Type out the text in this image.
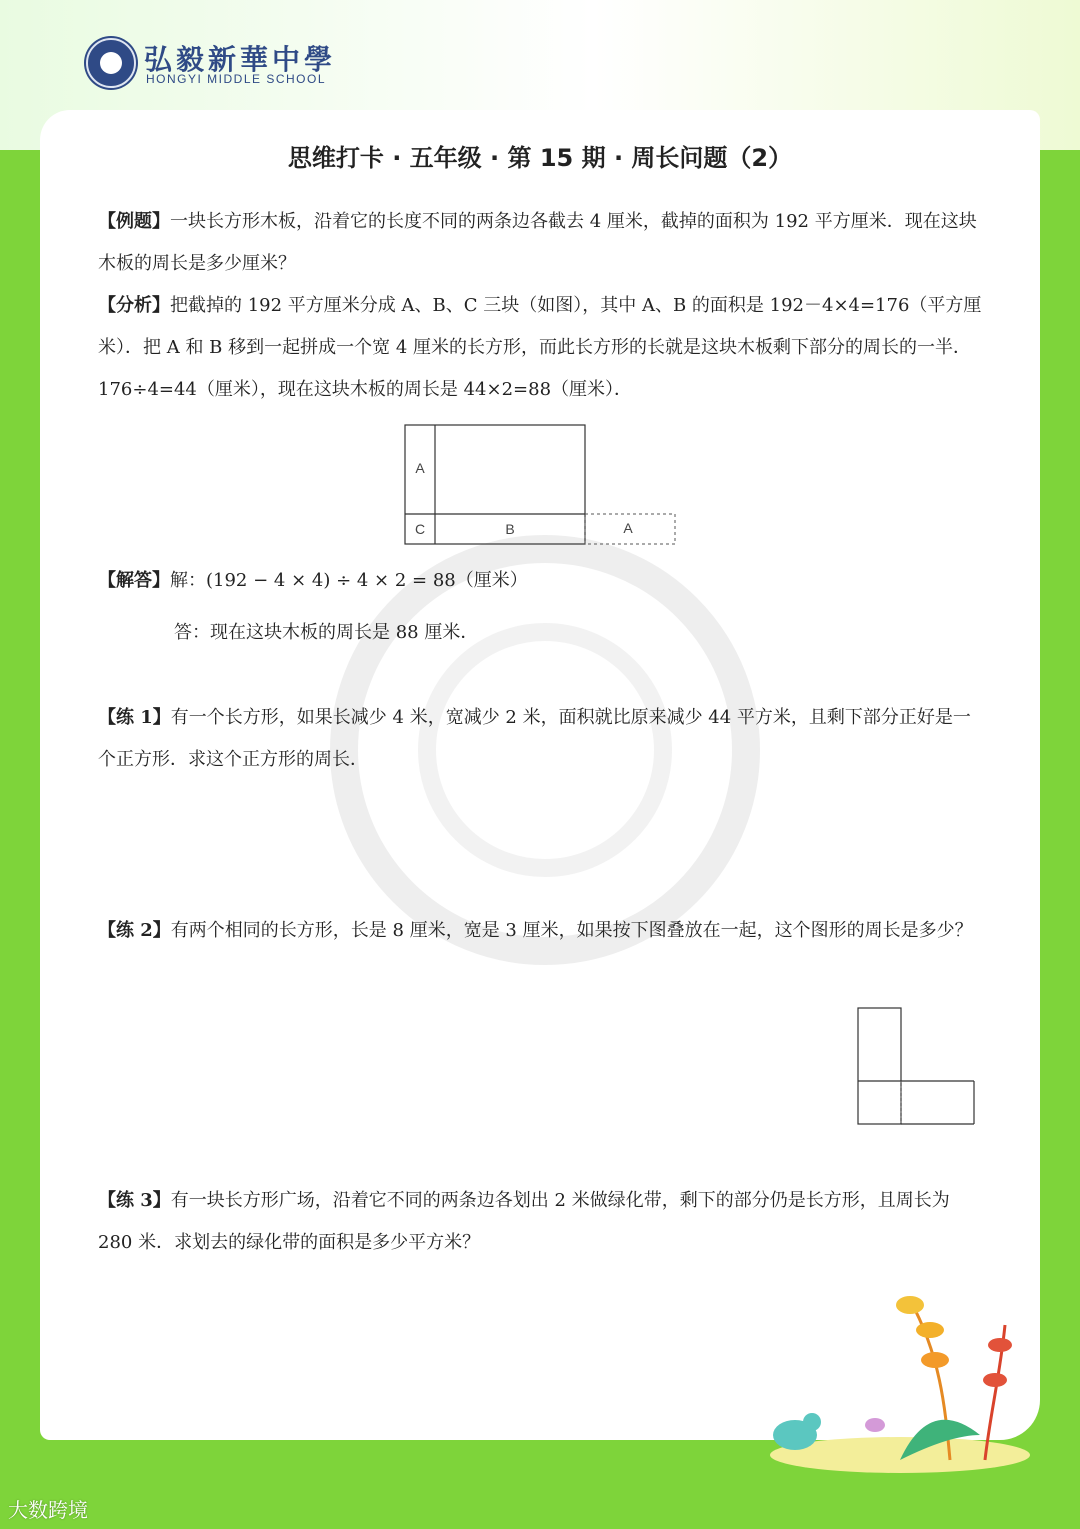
弘毅新華中學
HONGYI MIDDLE SCHOOL
思维打卡 · 五年级 · 第 15 期 · 周长问题（2）
【例题】一块长方形木板，沿着它的长度不同的两条边各截去 4 厘米，截掉的面积为 192 平方厘米．现在这块木板的周长是多少厘米？
【分析】把截掉的 192 平方厘米分成 A、B、C 三块（如图），其中 A、B 的面积是 192－4×4=176（平方厘米）．把 A 和 B 移到一起拼成一个宽 4 厘米的长方形，而此长方形的长就是这块木板剩下部分的周长的一半．176÷4=44（厘米），现在这块木板的周长是 44×2=88（厘米）．
A
C	B	A
【解答】解：(192 − 4 × 4) ÷ 4 × 2 = 88（厘米）
答：现在这块木板的周长是 88 厘米．
【练 1】有一个长方形，如果长减少 4 米，宽减少 2 米，面积就比原来减少 44 平方米，且剩下部分正好是一个正方形．求这个正方形的周长．
【练 2】有两个相同的长方形，长是 8 厘米，宽是 3 厘米，如果按下图叠放在一起，这个图形的周长是多少？
【练 3】有一块长方形广场，沿着它不同的两条边各划出 2 米做绿化带，剩下的部分仍是长方形，且周长为 280 米．求划去的绿化带的面积是多少平方米？
大数跨境
